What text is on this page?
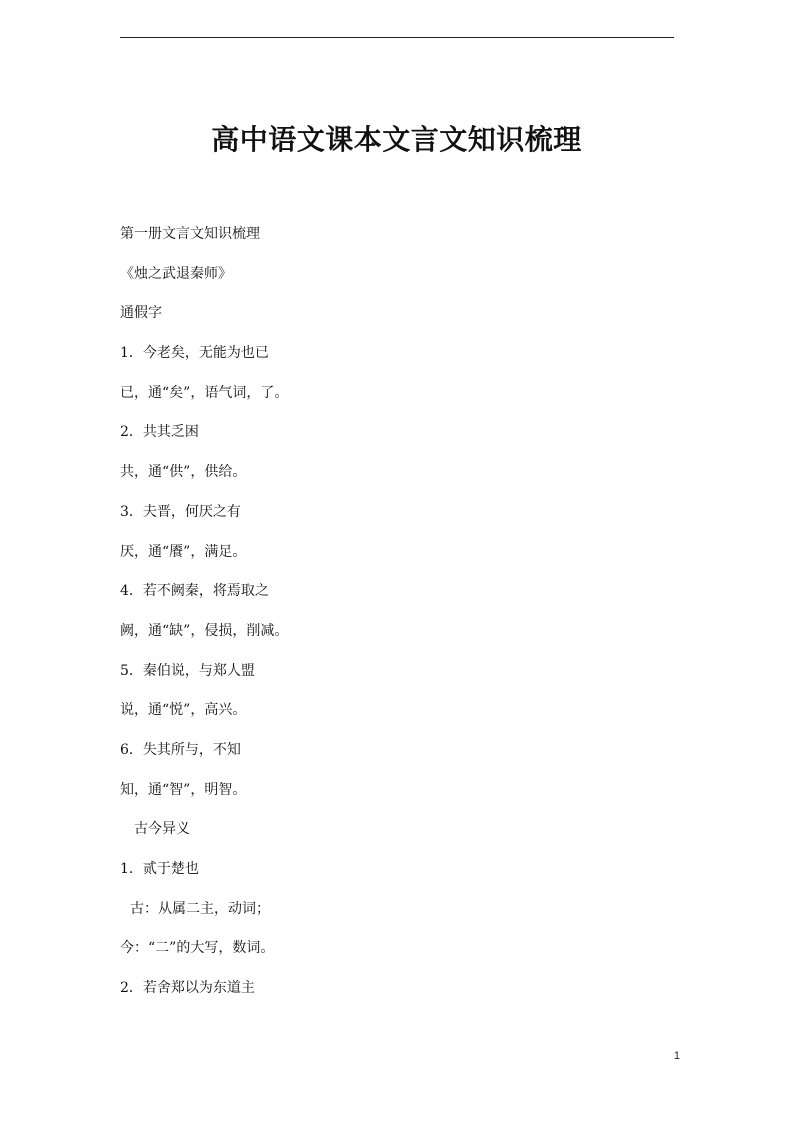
高中语文课本文言文知识梳理
第一册文言文知识梳理
《烛之武退秦师》
通假字
1．今老矣，无能为也已
已，通“矣”，语气词，了。
2．共其乏困
共，通“供”，供给。
3．夫晋，何厌之有
厌，通“餍”，满足。
4．若不阙秦，将焉取之
阙，通“缺”，侵损，削减。
5．秦伯说，与郑人盟
说，通“悦”，高兴。
6．失其所与，不知
知，通“智”，明智。
古今异义
1．贰于楚也
古：从属二主，动词；
今：“二”的大写，数词。
2．若舍郑以为东道主
1
